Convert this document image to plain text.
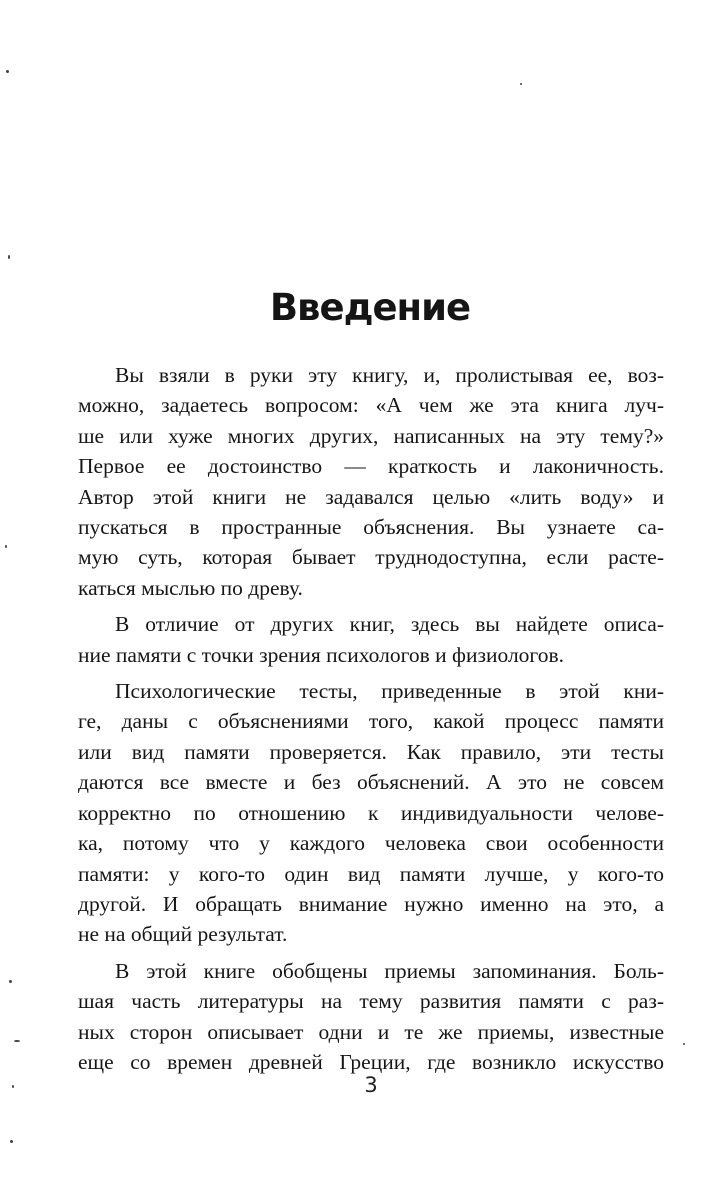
Введение
Вы взяли в руки эту книгу, и, пролистывая ее, воз-
можно, задаетесь вопросом: «А чем же эта книга луч-
ше или хуже многих других, написанных на эту тему?»
Первое ее достоинство — краткость и лаконичность.
Автор этой книги не задавался целью «лить воду» и
пускаться в пространные объяснения. Вы узнаете са-
мую суть, которая бывает труднодоступна, если расте-
каться мыслью по древу.
В отличие от других книг, здесь вы найдете описа-
ние памяти с точки зрения психологов и физиологов.
Психологические тесты, приведенные в этой кни-
ге, даны с объяснениями того, какой процесс памяти
или вид памяти проверяется. Как правило, эти тесты
даются все вместе и без объяснений. А это не совсем
корректно по отношению к индивидуальности челове-
ка, потому что у каждого человека свои особенности
памяти: у кого-то один вид памяти лучше, у кого-то
другой. И обращать внимание нужно именно на это, а
не на общий результат.
В этой книге обобщены приемы запоминания. Боль-
шая часть литературы на тему развития памяти с раз-
ных сторон описывает одни и те же приемы, известные
еще со времен древней Греции, где возникло искусство
3
